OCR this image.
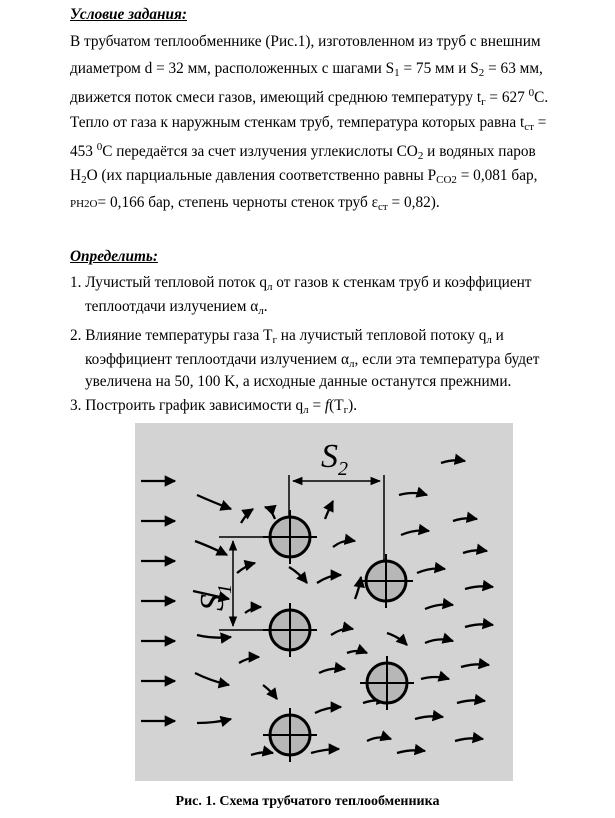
Условие задания:
В трубчатом теплообменнике (Рис.1), изготовленном из труб с внешним
диаметром d = 32 мм, расположенных с шагами $S_1 = 75$ мм и $S_2 = 63$ мм,
движется поток смеси газов, имеющий среднюю температуру $t_г = 627$ $^0$С.
Тепло от газа к наружным стенкам труб, температура которых равна $t_{ст}$ =
453 $^0$С передаётся за счет излучения углекислоты $СО_2$ и водяных паров
$Н_2О$ (их парциальные давления соответственно равны $Р_{СО2} = 0,081$ бар,
PH2O= 0,166 бар, степень черноты стенок труб $\varepsilon_{ст} = 0,82$).
Определить:
1. Лучистый тепловой поток $q_л$ от газов к стенкам труб и коэффициент
теплоотдачи излучением $\alpha_л$.
2. Влияние температуры газа $Т_г$ на лучистый тепловой потоку $q_л$ и
коэффициент теплоотдачи излучением $\alpha_л$, если эта температура будет
увеличена на 50, 100 K, а исходные данные останутся прежними.
3. Построить график зависимости $q_л = f(Т_г)$.
$S_2$
$S_1$
Рис. 1. Схема трубчатого теплообменника
